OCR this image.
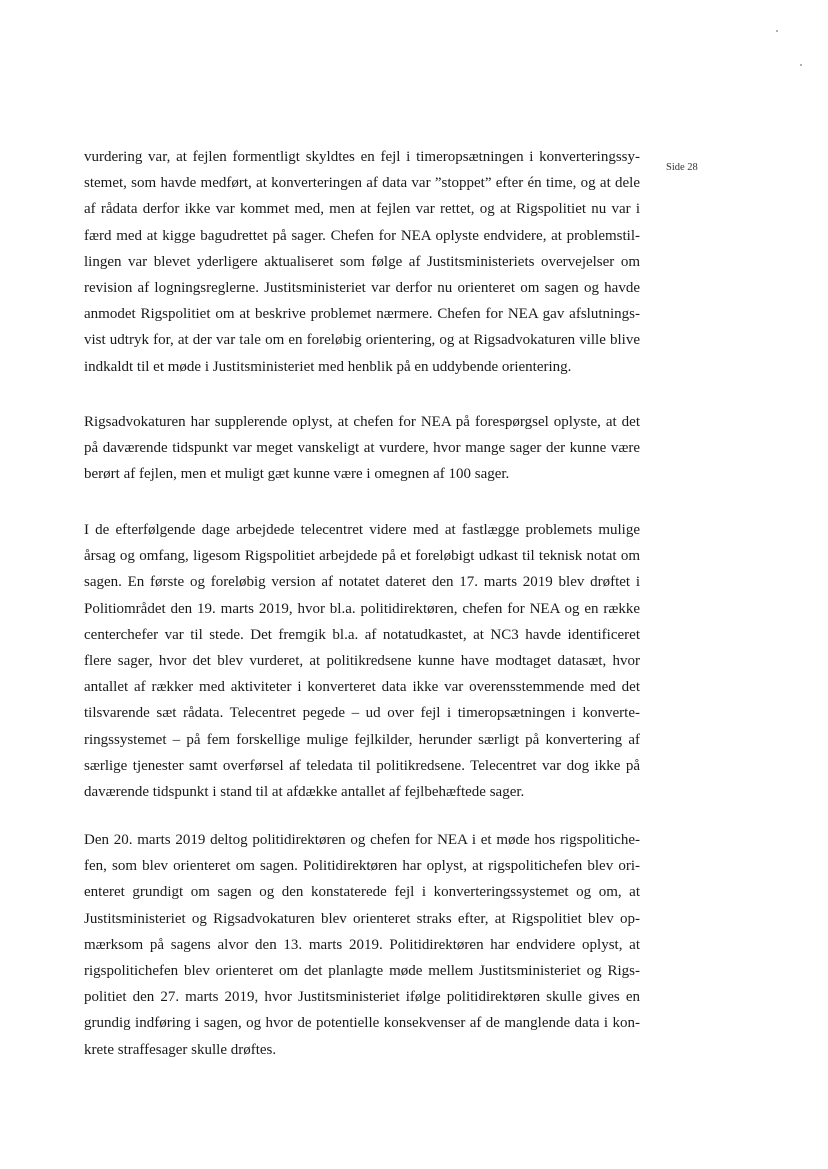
Side 28
vurdering var, at fejlen formentligt skyldtes en fejl i timeropsætningen i konverteringssy-
stemet, som havde medført, at konverteringen af data var ”stoppet” efter én time, og at dele
af rådata derfor ikke var kommet med, men at fejlen var rettet, og at Rigspolitiet nu var i
færd med at kigge bagudrettet på sager. Chefen for NEA oplyste endvidere, at problemstil-
lingen var blevet yderligere aktualiseret som følge af Justitsministeriets overvejelser om
revision af logningsreglerne. Justitsministeriet var derfor nu orienteret om sagen og havde
anmodet Rigspolitiet om at beskrive problemet nærmere. Chefen for NEA gav afslutnings-
vist udtryk for, at der var tale om en foreløbig orientering, og at Rigsadvokaturen ville blive
indkaldt til et møde i Justitsministeriet med henblik på en uddybende orientering.
Rigsadvokaturen har supplerende oplyst, at chefen for NEA på forespørgsel oplyste, at det
på daværende tidspunkt var meget vanskeligt at vurdere, hvor mange sager der kunne være
berørt af fejlen, men et muligt gæt kunne være i omegnen af 100 sager.
I de efterfølgende dage arbejdede telecentret videre med at fastlægge problemets mulige
årsag og omfang, ligesom Rigspolitiet arbejdede på et foreløbigt udkast til teknisk notat om
sagen. En første og foreløbig version af notatet dateret den 17. marts 2019 blev drøftet i
Politiområdet den 19. marts 2019, hvor bl.a. politidirektøren, chefen for NEA og en række
centerchefer var til stede. Det fremgik bl.a. af notatudkastet, at NC3 havde identificeret
flere sager, hvor det blev vurderet, at politikredsene kunne have modtaget datasæt, hvor
antallet af rækker med aktiviteter i konverteret data ikke var overensstemmende med det
tilsvarende sæt rådata. Telecentret pegede – ud over fejl i timeropsætningen i konverte-
ringssystemet – på fem forskellige mulige fejlkilder, herunder særligt på konvertering af
særlige tjenester samt overførsel af teledata til politikredsene. Telecentret var dog ikke på
daværende tidspunkt i stand til at afdække antallet af fejlbehæftede sager.
Den 20. marts 2019 deltog politidirektøren og chefen for NEA i et møde hos rigspolitiche-
fen, som blev orienteret om sagen. Politidirektøren har oplyst, at rigspolitichefen blev ori-
enteret grundigt om sagen og den konstaterede fejl i konverteringssystemet og om, at
Justitsministeriet og Rigsadvokaturen blev orienteret straks efter, at Rigspolitiet blev op-
mærksom på sagens alvor den 13. marts 2019. Politidirektøren har endvidere oplyst, at
rigspolitichefen blev orienteret om det planlagte møde mellem Justitsministeriet og Rigs-
politiet den 27. marts 2019, hvor Justitsministeriet ifølge politidirektøren skulle gives en
grundig indføring i sagen, og hvor de potentielle konsekvenser af de manglende data i kon-
krete straffesager skulle drøftes.
